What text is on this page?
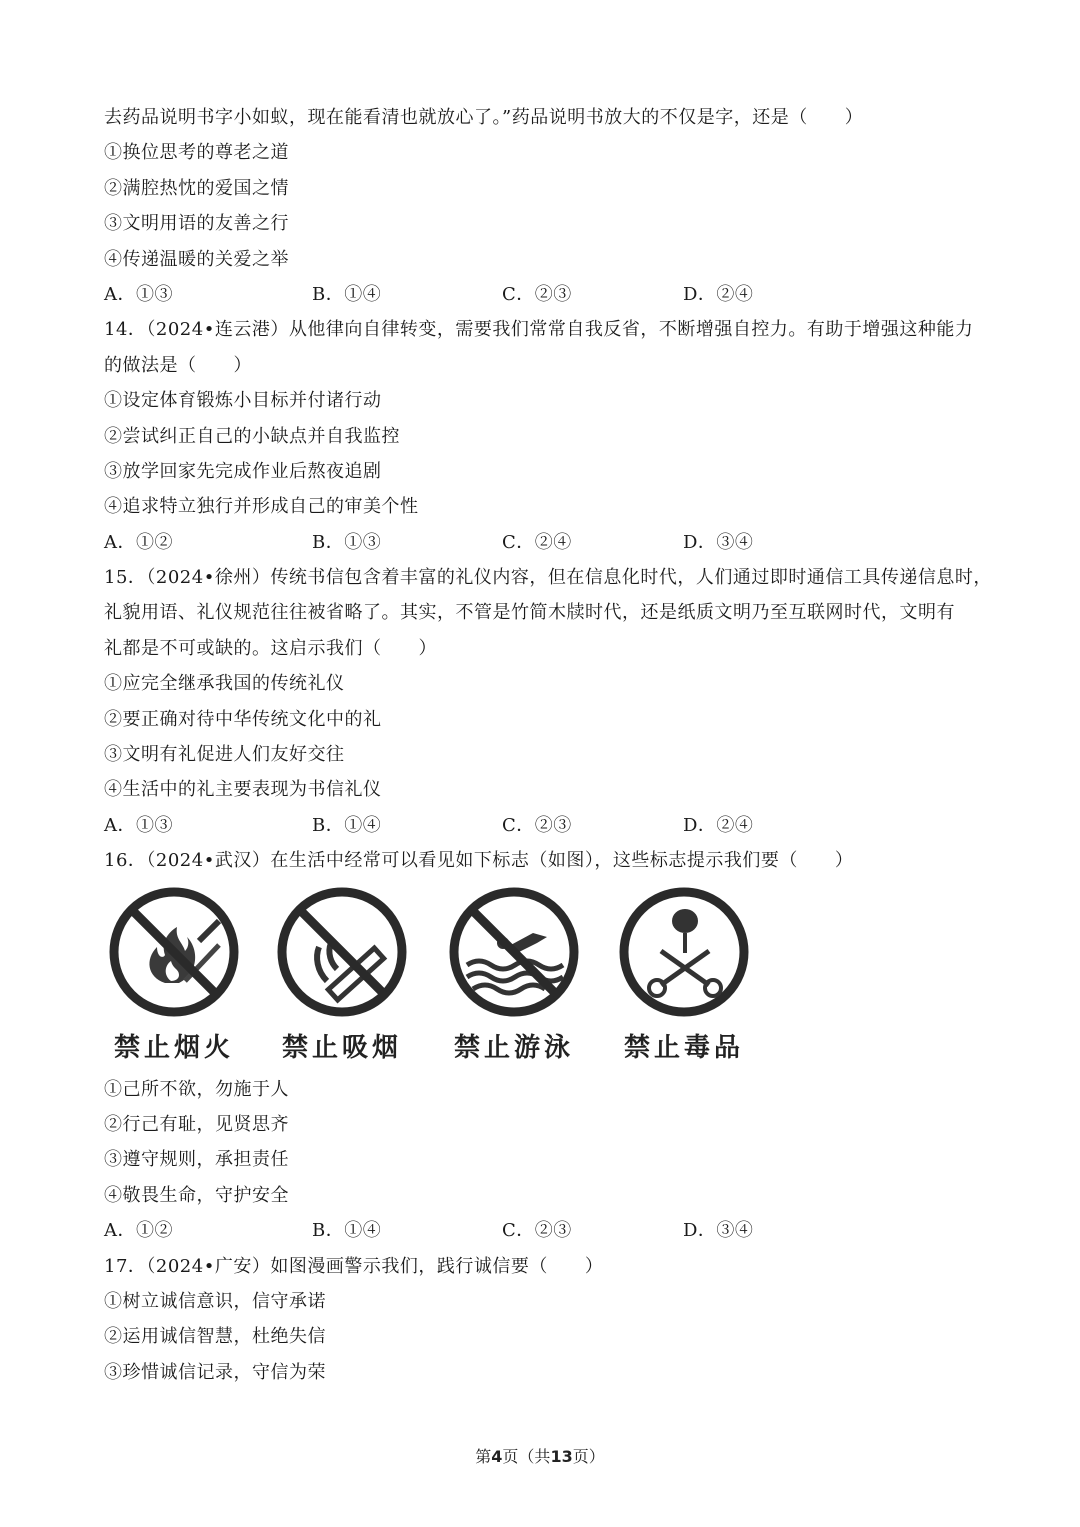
去药品说明书字小如蚁，现在能看清也就放心了。”药品说明书放大的不仅是字，还是（　　）
①换位思考的尊老之道
②满腔热忱的爱国之情
③文明用语的友善之行
④传递温暖的关爱之举
A．①③	B．①④	C．②③	D．②④
14．（2024•连云港）从他律向自律转变，需要我们常常自我反省，不断增强自控力。有助于增强这种能力
的做法是（　　）
①设定体育锻炼小目标并付诸行动
②尝试纠正自己的小缺点并自我监控
③放学回家先完成作业后熬夜追剧
④追求特立独行并形成自己的审美个性
A．①②	B．①③	C．②④	D．③④
15．（2024•徐州）传统书信包含着丰富的礼仪内容，但在信息化时代，人们通过即时通信工具传递信息时，
礼貌用语、礼仪规范往往被省略了。其实，不管是竹简木牍时代，还是纸质文明乃至互联网时代，文明有
礼都是不可或缺的。这启示我们（　　）
①应完全继承我国的传统礼仪
②要正确对待中华传统文化中的礼
③文明有礼促进人们友好交往
④生活中的礼主要表现为书信礼仪
A．①③	B．①④	C．②③	D．②④
16．（2024•武汉）在生活中经常可以看见如下标志（如图），这些标志提示我们要（　　）
禁止烟火	禁止吸烟	禁止游泳	禁止毒品
①己所不欲，勿施于人
②行己有耻，见贤思齐
③遵守规则，承担责任
④敬畏生命，守护安全
A．①②	B．①④	C．②③	D．③④
17．（2024•广安）如图漫画警示我们，践行诚信要（　　）
①树立诚信意识，信守承诺
②运用诚信智慧，杜绝失信
③珍惜诚信记录，守信为荣
第4页（共13页）
